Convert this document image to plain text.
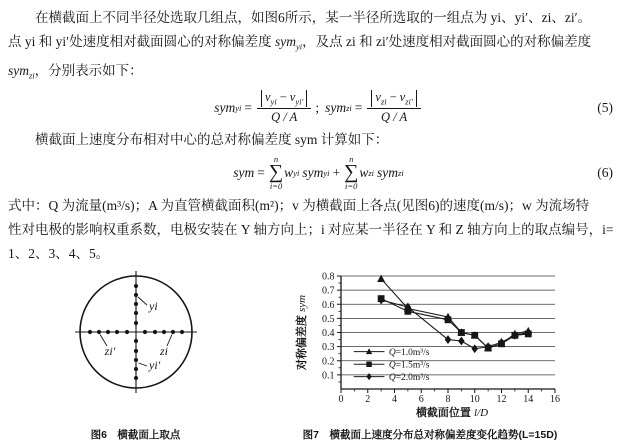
在横截面上不同半径处选取几组点，如图6所示，某一半径所选取的一组点为 yi、yi′、zi、zi′。
点 yi 和 yi′处速度相对截面圆心的对称偏差度 sym$_{yi}$，及点 zi 和 zi′处速度相对截面圆心的对称偏差度
sym$_{zi}$，分别表示如下：
sym yi = $\frac{v_{yi} - v_{yi'}}{Q / A}$ ; sym zi = $\frac{v_{zi} - v_{zi'}}{Q / A}$	(5)
横截面上速度分布相对中心的总对称偏差度 sym 计算如下：
sym =
n
∑
i=0
w yi sym yi +
n
∑
i=0
w zi sym zi	(6)
式中：Q 为流量(m³/s)；A 为直管横截面积(m²)；v 为横截面上各点(见图6)的速度(m/s)；w 为流场特
性对电极的影响权重系数，电极安装在 Y 轴方向上；i 对应某一半径在 Y 和 Z 轴方向上的取点编号，i=
1、2、3、4、5。
yi
zi′	zi
yi′
图6　横截面上取点
0.1
0.2
0.3
0.4
0.5
0.6
0.7
0.8
0 2 4 6 8 10 12 14 16
横截面位置 l/D
对称偏差度 sym
Q=1.0m³/s
Q=1.5m³/s
Q=2.0m³/s
图7　横截面上速度分布总对称偏差度变化趋势(L=15D)
